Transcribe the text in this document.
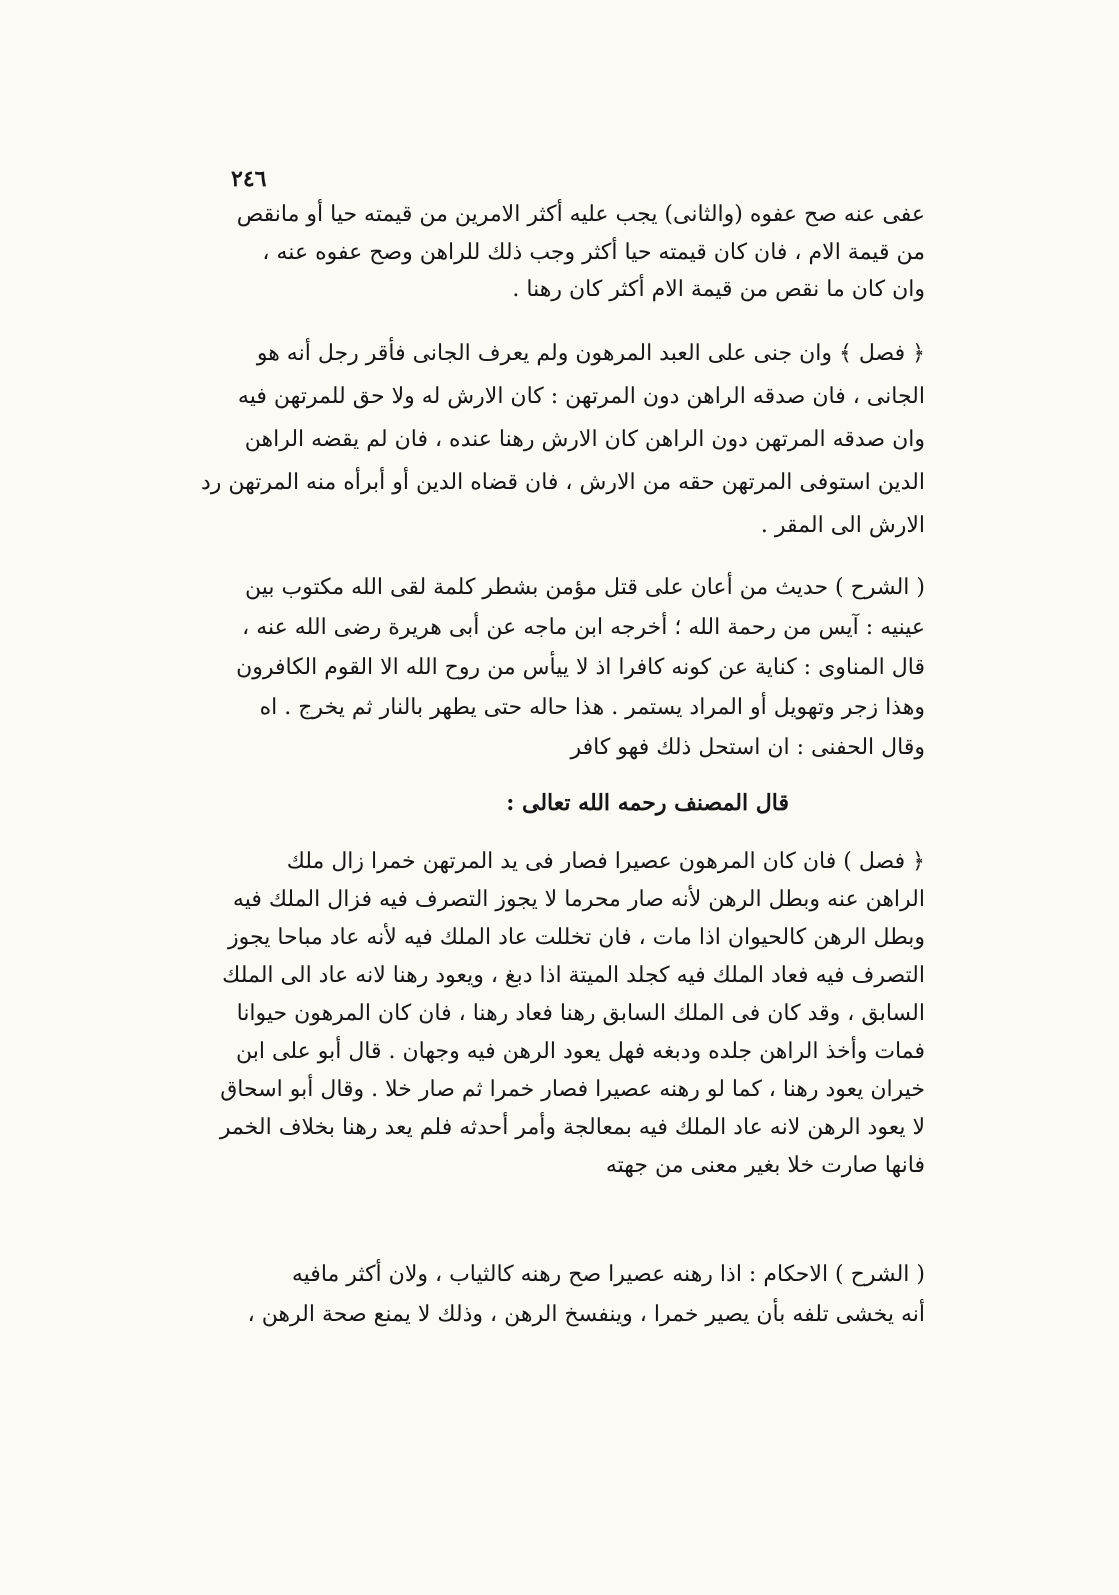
٢٤٦
عفى عنه صح عفوه (والثانى) يجب عليه أكثر الامرين من قيمته حيا أو مانقص
من قيمة الام ، فان كان قيمته حيا أكثر وجب ذلك للراهن وصح عفوه عنه ،
وان كان ما نقص من قيمة الام أكثر كان رهنا .
﴿ فصل ﴾ وان جنى على العبد المرهون ولم يعرف الجانى فأقر رجل أنه هو
الجانى ، فان صدقه الراهن دون المرتهن : كان الارش له ولا حق للمرتهن فيه
وان صدقه المرتهن دون الراهن كان الارش رهنا عنده ، فان لم يقضه الراهن
الدين استوفى المرتهن حقه من الارش ، فان قضاه الدين أو أبرأه منه المرتهن رد
الارش الى المقر .
( الشرح ) حديث من أعان على قتل مؤمن بشطر كلمة لقى الله مكتوب بين
عينيه : آيس من رحمة الله ؛ أخرجه ابن ماجه عن أبى هريرة رضى الله عنه ،
قال المناوى : كناية عن كونه كافرا اذ لا ييأس من روح الله الا القوم الكافرون
وهذا زجر وتهويل أو المراد يستمر . هذا حاله حتى يطهر بالنار ثم يخرج . اه
وقال الحفنى : ان استحل ذلك فهو كافر
قال المصنف رحمه الله تعالى :
﴿ فصل ) فان كان المرهون عصيرا فصار فى يد المرتهن خمرا زال ملك
الراهن عنه وبطل الرهن لأنه صار محرما لا يجوز التصرف فيه فزال الملك فيه
وبطل الرهن كالحيوان اذا مات ، فان تخللت عاد الملك فيه لأنه عاد مباحا يجوز
التصرف فيه فعاد الملك فيه كجلد الميتة اذا دبغ ، ويعود رهنا لانه عاد الى الملك
السابق ، وقد كان فى الملك السابق رهنا فعاد رهنا ، فان كان المرهون حيوانا
فمات وأخذ الراهن جلده ودبغه فهل يعود الرهن فيه وجهان . قال أبو على ابن
خيران يعود رهنا ، كما لو رهنه عصيرا فصار خمرا ثم صار خلا . وقال أبو اسحاق
لا يعود الرهن لانه عاد الملك فيه بمعالجة وأمر أحدثه فلم يعد رهنا بخلاف الخمر
فانها صارت خلا بغير معنى من جهته
( الشرح ) الاحكام : اذا رهنه عصيرا صح رهنه كالثياب ، ولان أكثر مافيه
أنه يخشى تلفه بأن يصير خمرا ، وينفسخ الرهن ، وذلك لا يمنع صحة الرهن ،
